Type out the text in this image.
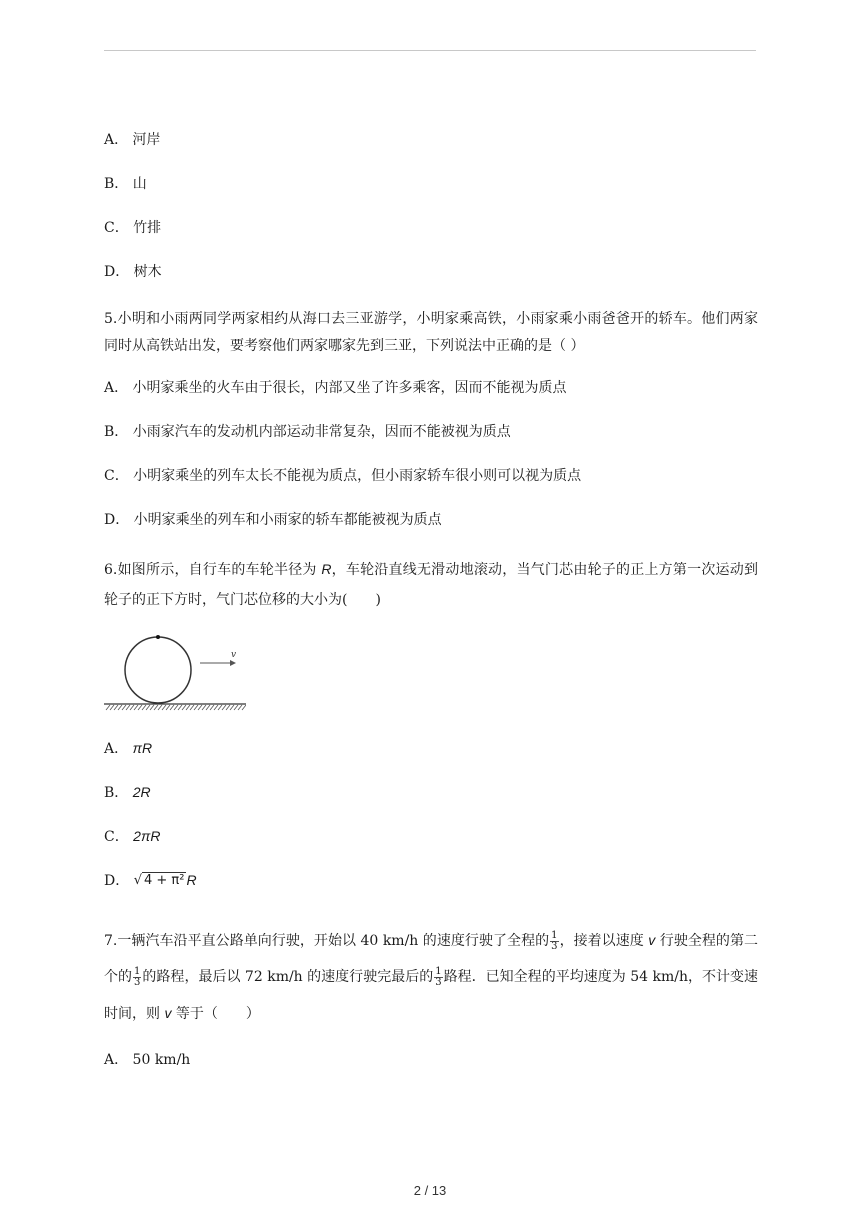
A． 河岸
B． 山
C． 竹排
D． 树木
5.小明和小雨两同学两家相约从海口去三亚游学，小明家乘高铁，小雨家乘小雨爸爸开的轿车。他们两家同时从高铁站出发，要考察他们两家哪家先到三亚，下列说法中正确的是（ ）
A． 小明家乘坐的火车由于很长，内部又坐了许多乘客，因而不能视为质点
B． 小雨家汽车的发动机内部运动非常复杂，因而不能被视为质点
C． 小明家乘坐的列车太长不能视为质点，但小雨家轿车很小则可以视为质点
D． 小明家乘坐的列车和小雨家的轿车都能被视为质点
6.如图所示，自行车的车轮半径为 R，车轮沿直线无滑动地滚动，当气门芯由轮子的正上方第一次运动到轮子的正下方时，气门芯位移的大小为(　　)
v
A． πR
B． 2R
C． 2πR
D． √ 4 + π² R
7.一辆汽车沿平直公路单向行驶，开始以 40 km/h 的速度行驶了全程的 $\frac{1}{3}$ ，接着以速度 v 行驶全程的第二个的 $\frac{1}{3}$ 的路程，最后以 72 km/h 的速度行驶完最后的 $\frac{1}{3}$ 路程．已知全程的平均速度为 54 km/h，不计变速时间，则 v 等于（　　）
A． 50 km/h
2 / 13
